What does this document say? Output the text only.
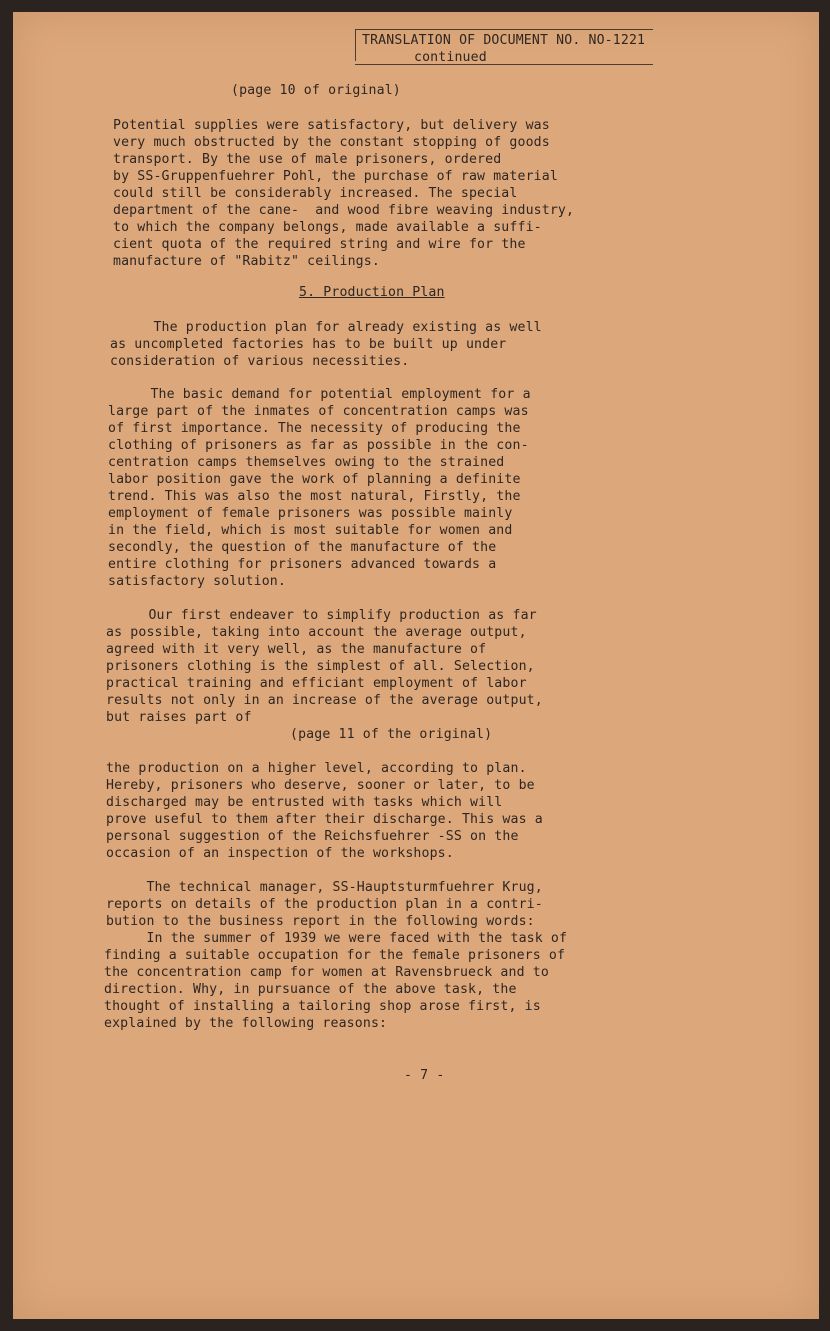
TRANSLATION OF DOCUMENT NO. NO-1221
continued
(page 10 of original)
Potential supplies were satisfactory, but delivery was
very much obstructed by the constant stopping of goods
transport. By the use of male prisoners, ordered
by SS-Gruppenfuehrer Pohl, the purchase of raw material
could still be considerably increased. The special
department of the cane-  and wood fibre weaving industry,
to which the company belongs, made available a suffi-
cient quota of the required string and wire for the
manufacture of "Rabitz" ceilings.
5. Production Plan
The production plan for already existing as well
as uncompleted factories has to be built up under
consideration of various necessities.
The basic demand for potential employment for a
large part of the inmates of concentration camps was
of first importance. The necessity of producing the
clothing of prisoners as far as possible in the con-
centration camps themselves owing to the strained
labor position gave the work of planning a definite
trend. This was also the most natural, Firstly, the
employment of female prisoners was possible mainly
in the field, which is most suitable for women and
secondly, the question of the manufacture of the
entire clothing for prisoners advanced towards a
satisfactory solution.
Our first endeaver to simplify production as far
as possible, taking into account the average output,
agreed with it very well, as the manufacture of
prisoners clothing is the simplest of all. Selection,
practical training and efficiant employment of labor
results not only in an increase of the average output,
but raises part of
(page 11 of the original)
the production on a higher level, according to plan.
Hereby, prisoners who deserve, sooner or later, to be
discharged may be entrusted with tasks which will
prove useful to them after their discharge. This was a
personal suggestion of the Reichsfuehrer -SS on the
occasion of an inspection of the workshops.
The technical manager, SS-Hauptsturmfuehrer Krug,
reports on details of the production plan in a contri-
bution to the business report in the following words:
In the summer of 1939 we were faced with the task of
finding a suitable occupation for the female prisoners of
the concentration camp for women at Ravensbrueck and to
direction. Why, in pursuance of the above task, the
thought of installing a tailoring shop arose first, is
explained by the following reasons:
- 7 -
